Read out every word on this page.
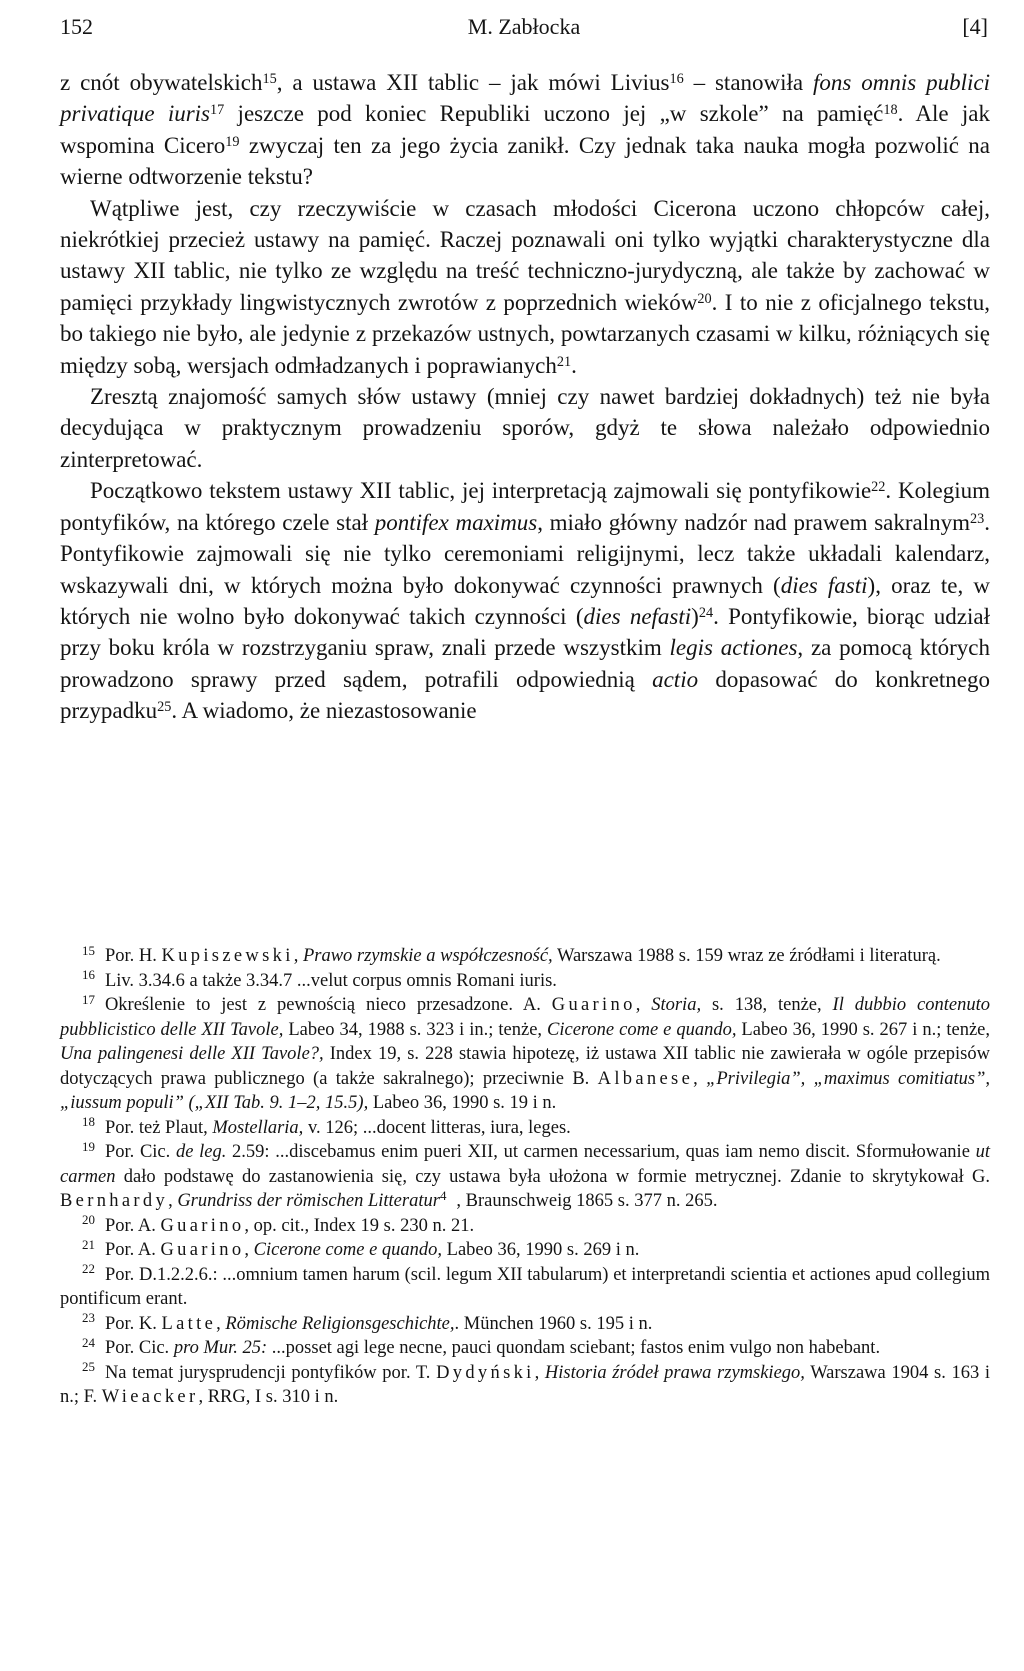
152	M. Zabłocka	[4]

z cnót obywatelskich$^{15}$, a ustawa XII tablic – jak mówi Livius$^{16}$ – stanowiła fons omnis publici privatique iuris$^{17}$ jeszcze pod koniec Republiki uczono jej „w szkole” na pamięć$^{18}$. Ale jak wspomina Cicero$^{19}$ zwyczaj ten za jego życia zanikł. Czy jednak taka nauka mogła pozwolić na wierne odtworzenie tekstu?

Wątpliwe jest, czy rzeczywiście w czasach młodości Cicerona uczono chłopców całej, niekrótkiej przecież ustawy na pamięć. Raczej poznawali oni tylko wyjątki charakterystyczne dla ustawy XII tablic, nie tylko ze względu na treść techniczno-jurydyczną, ale także by zachować w pamięci przykłady lingwistycznych zwrotów z poprzednich wieków$^{20}$. I to nie z oficjalnego tekstu, bo takiego nie było, ale jedynie z przekazów ustnych, powtarzanych czasami w kilku, różniących się między sobą, wersjach odmładzanych i poprawianych$^{21}$.

Zresztą znajomość samych słów ustawy (mniej czy nawet bardziej dokładnych) też nie była decydująca w praktycznym prowadzeniu sporów, gdyż te słowa należało odpowiednio zinterpretować.

Początkowo tekstem ustawy XII tablic, jej interpretacją zajmowali się pontyfikowie$^{22}$. Kolegium pontyfików, na którego czele stał pontifex maximus, miało główny nadzór nad prawem sakralnym$^{23}$. Pontyfikowie zajmowali się nie tylko ceremoniami religijnymi, lecz także układali kalendarz, wskazywali dni, w których można było dokonywać czynności prawnych (dies fasti), oraz te, w których nie wolno było dokonywać takich czynności (dies nefasti)$^{24}$. Pontyfikowie, biorąc udział przy boku króla w rozstrzyganiu spraw, znali przede wszystkim legis actiones, za pomocą których prowadzono sprawy przed sądem, potrafili odpowiednią actio dopasować do konkretnego przypadku$^{25}$. A wiadomo, że niezastosowanie

$^{15}$ Por. H. Kupiszewski, Prawo rzymskie a współczesność, Warszawa 1988 s. 159 wraz ze źródłami i literaturą.

$^{16}$ Liv. 3.34.6 a także 3.34.7 ...velut corpus omnis Romani iuris.

$^{17}$ Określenie to jest z pewnością nieco przesadzone. A. Guarino, Storia, s. 138, tenże, Il dubbio contenuto pubblicistico delle XII Tavole, Labeo 34, 1988 s. 323 i in.; tenże, Cicerone come e quando, Labeo 36, 1990 s. 267 i n.; tenże, Una palingenesi delle XII Tavole?, Index 19, s. 228 stawia hipotezę, iż ustawa XII tablic nie zawierała w ogóle przepisów dotyczących prawa publicznego (a także sakralnego); przeciwnie B. Albanese, „Privilegia”, „maximus comitiatus”, „iussum populi” („XII Tab. 9. 1–2, 15.5), Labeo 36, 1990 s. 19 i n.

$^{18}$ Por. też Plaut, Mostellaria, v. 126; ...docent litteras, iura, leges.

$^{19}$ Por. Cic. de leg. 2.59: ...discebamus enim pueri XII, ut carmen necessarium, quas iam nemo discit. Sformułowanie ut carmen dało podstawę do zastanowienia się, czy ustawa była ułożona w formie metrycznej. Zdanie to skrytykował G. Bernhardy, Grundriss der römischen Litteratur$^4$ , Braunschweig 1865 s. 377 n. 265.

$^{20}$ Por. A. Guarino, op. cit., Index 19 s. 230 n. 21.

$^{21}$ Por. A. Guarino, Cicerone come e quando, Labeo 36, 1990 s. 269 i n.

$^{22}$ Por. D.1.2.2.6.: ...omnium tamen harum (scil. legum XII tabularum) et interpretandi scientia et actiones apud collegium pontificum erant.

$^{23}$ Por. K. Latte, Römische Religionsgeschichte,. München 1960 s. 195 i n.

$^{24}$ Por. Cic. pro Mur. 25: ...posset agi lege necne, pauci quondam sciebant; fastos enim vulgo non habebant.

$^{25}$ Na temat jurysprudencji pontyfików por. T. Dydyński, Historia źródeł prawa rzymskiego, Warszawa 1904 s. 163 i n.; F. Wieacker, RRG, I s. 310 i n.
